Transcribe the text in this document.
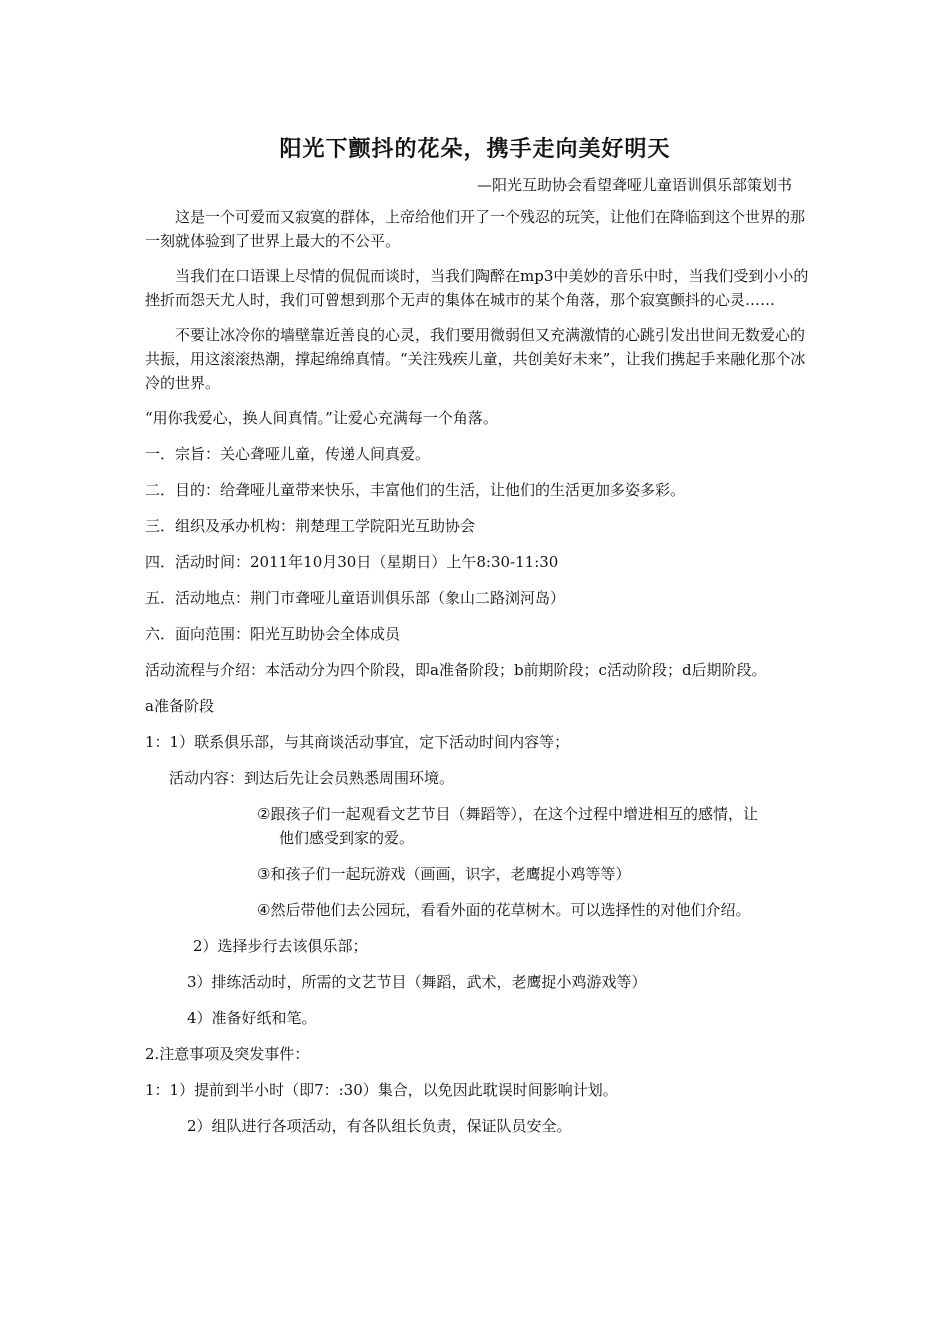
阳光下颤抖的花朵，携手走向美好明天
—阳光互助协会看望聋哑儿童语训俱乐部策划书

这是一个可爱而又寂寞的群体，上帝给他们开了一个残忍的玩笑，让他们在降临到这个世界的那一刻就体验到了世界上最大的不公平。

当我们在口语课上尽情的侃侃而谈时，当我们陶醉在mp3中美妙的音乐中时，当我们受到小小的挫折而怨天尤人时，我们可曾想到那个无声的集体在城市的某个角落，那个寂寞颤抖的心灵……

不要让冰冷你的墙壁靠近善良的心灵，我们要用微弱但又充满激情的心跳引发出世间无数爱心的共振，用这滚滚热潮，撑起绵绵真情。“关注残疾儿童，共创美好未来”，让我们携起手来融化那个冰冷的世界。

“用你我爱心，换人间真情。”让爱心充满每一个角落。

一．宗旨：关心聋哑儿童，传递人间真爱。

二．目的：给聋哑儿童带来快乐，丰富他们的生活，让他们的生活更加多姿多彩。

三．组织及承办机构：荆楚理工学院阳光互助协会

四．活动时间：2011年10月30日（星期日）上午8:30-11:30

五．活动地点：荆门市聋哑儿童语训俱乐部（象山二路浏河岛）

六．面向范围：阳光互助协会全体成员

活动流程与介绍：本活动分为四个阶段，即a准备阶段；b前期阶段；c活动阶段；d后期阶段。

a准备阶段

1：1）联系俱乐部，与其商谈活动事宜，定下活动时间内容等；

活动内容：到达后先让会员熟悉周围环境。

②跟孩子们一起观看文艺节目（舞蹈等），在这个过程中增进相互的感情，让
他们感受到家的爱。

③和孩子们一起玩游戏（画画，识字，老鹰捉小鸡等等）

④然后带他们去公园玩，看看外面的花草树木。可以选择性的对他们介绍。

2）选择步行去该俱乐部；

3）排练活动时，所需的文艺节目（舞蹈，武术，老鹰捉小鸡游戏等）

4）准备好纸和笔。

2.注意事项及突发事件：

1：1）提前到半小时（即7：:30）集合，以免因此耽误时间影响计划。

2）组队进行各项活动，有各队组长负责，保证队员安全。
